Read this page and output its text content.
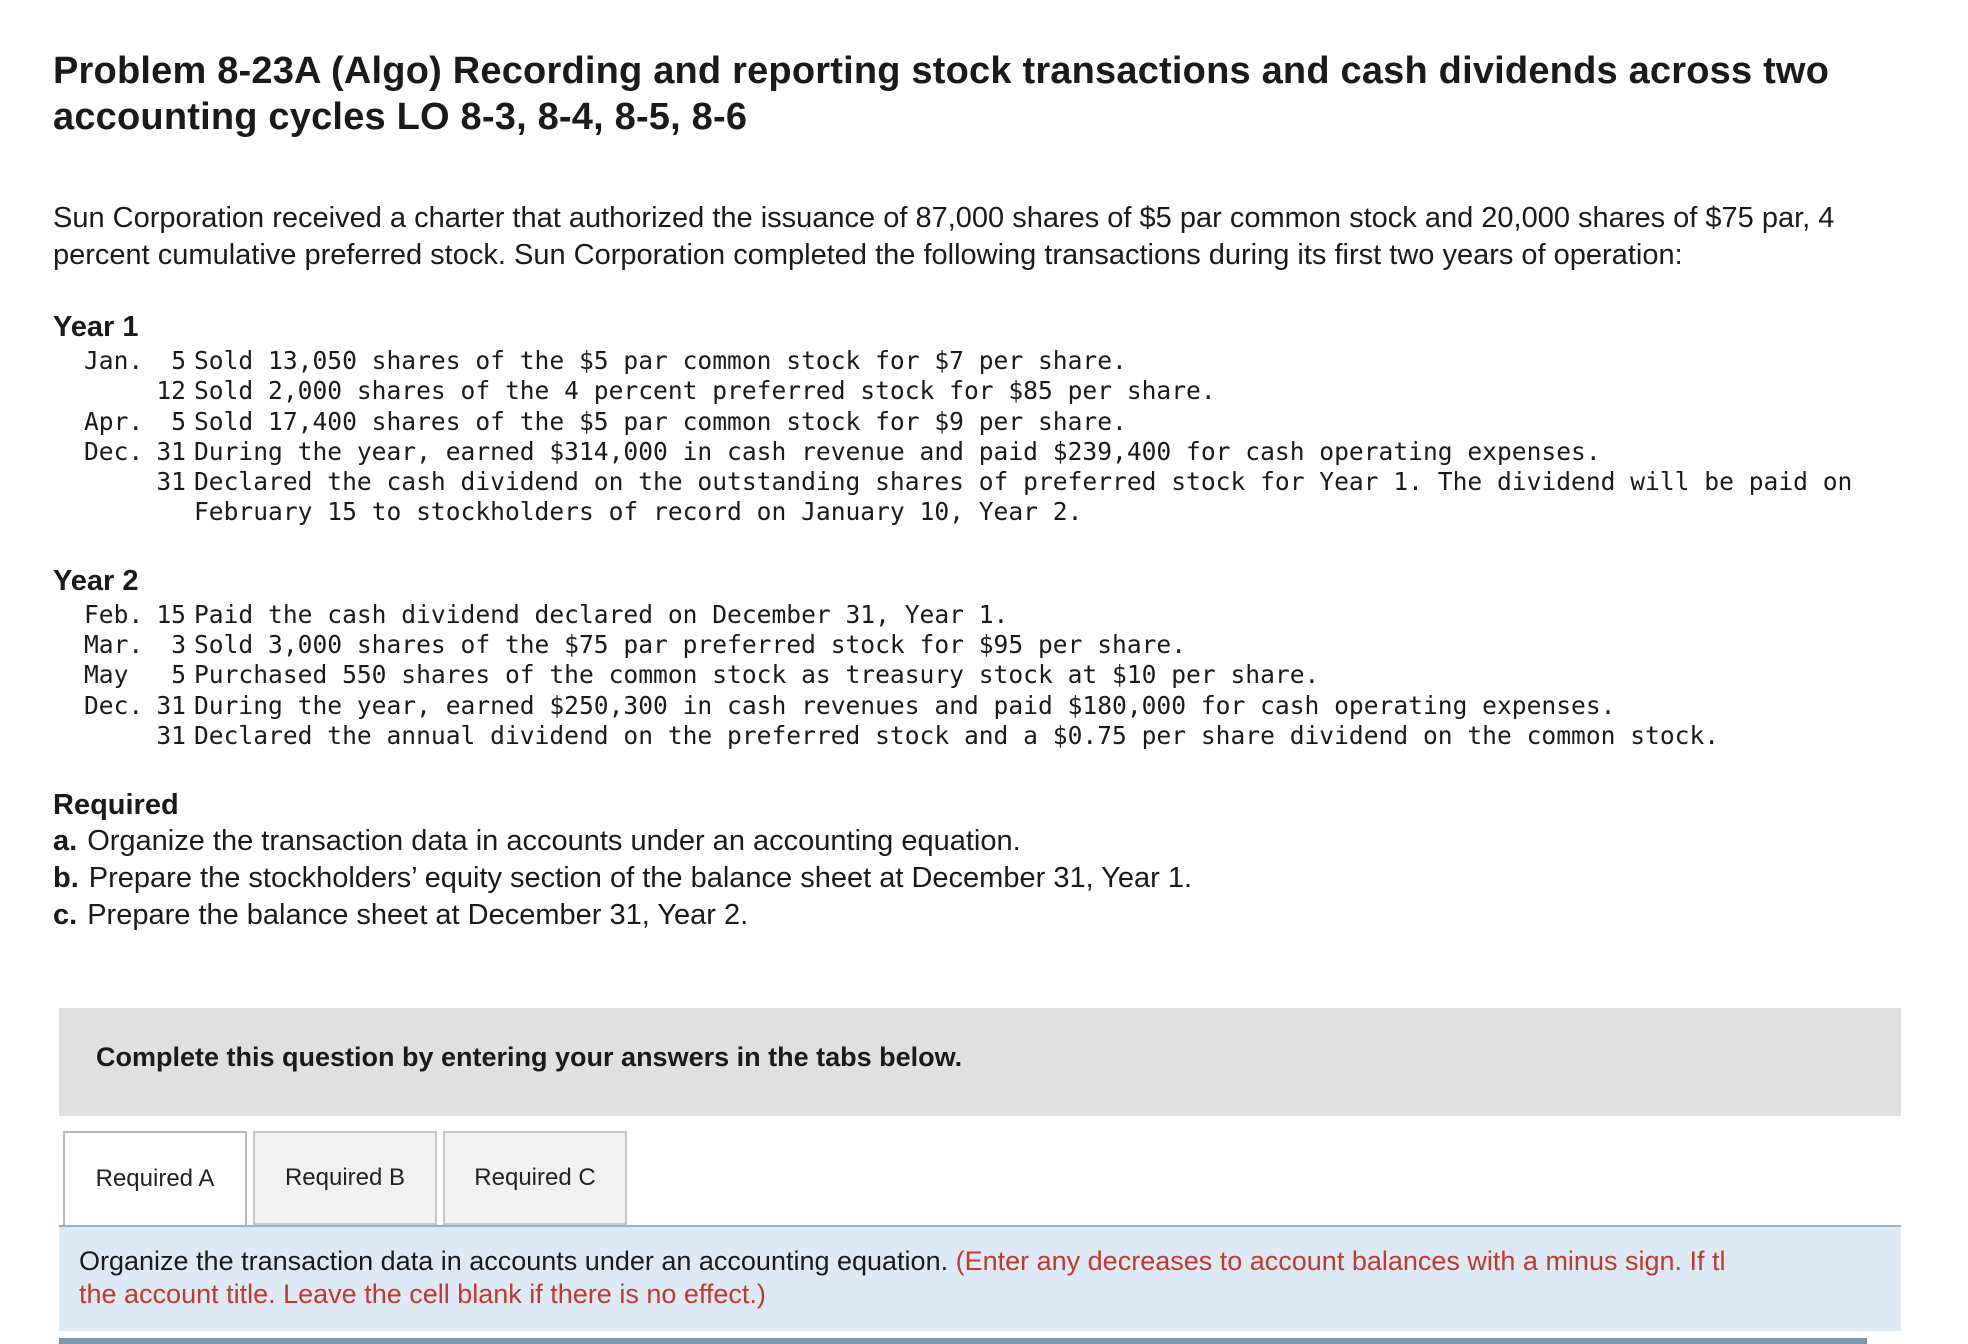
Problem 8-23A (Algo) Recording and reporting stock transactions and cash dividends across two
accounting cycles LO 8-3, 8-4, 8-5, 8-6
Sun Corporation received a charter that authorized the issuance of 87,000 shares of $5 par common stock and 20,000 shares of $75 par, 4 percent cumulative preferred stock. Sun Corporation completed the following transactions during its first two years of operation:
Year 1
Jan. 5 Sold 13,050 shares of the $5 par common stock for $7 per share.
12 Sold 2,000 shares of the 4 percent preferred stock for $85 per share.
Apr. 5 Sold 17,400 shares of the $5 par common stock for $9 per share.
Dec. 31 During the year, earned $314,000 in cash revenue and paid $239,400 for cash operating expenses.
31 Declared the cash dividend on the outstanding shares of preferred stock for Year 1. The dividend will be paid on February 15 to stockholders of record on January 10, Year 2.
Year 2
Feb. 15 Paid the cash dividend declared on December 31, Year 1.
Mar. 3 Sold 3,000 shares of the $75 par preferred stock for $95 per share.
May 5 Purchased 550 shares of the common stock as treasury stock at $10 per share.
Dec. 31 During the year, earned $250,300 in cash revenues and paid $180,000 for cash operating expenses.
31 Declared the annual dividend on the preferred stock and a $0.75 per share dividend on the common stock.
Required
a. Organize the transaction data in accounts under an accounting equation.
b. Prepare the stockholders’ equity section of the balance sheet at December 31, Year 1.
c. Prepare the balance sheet at December 31, Year 2.
Complete this question by entering your answers in the tabs below.
Required A	Required B	Required C
Organize the transaction data in accounts under an accounting equation. (Enter any decreases to account balances with a minus sign. If tl
the account title. Leave the cell blank if there is no effect.)
